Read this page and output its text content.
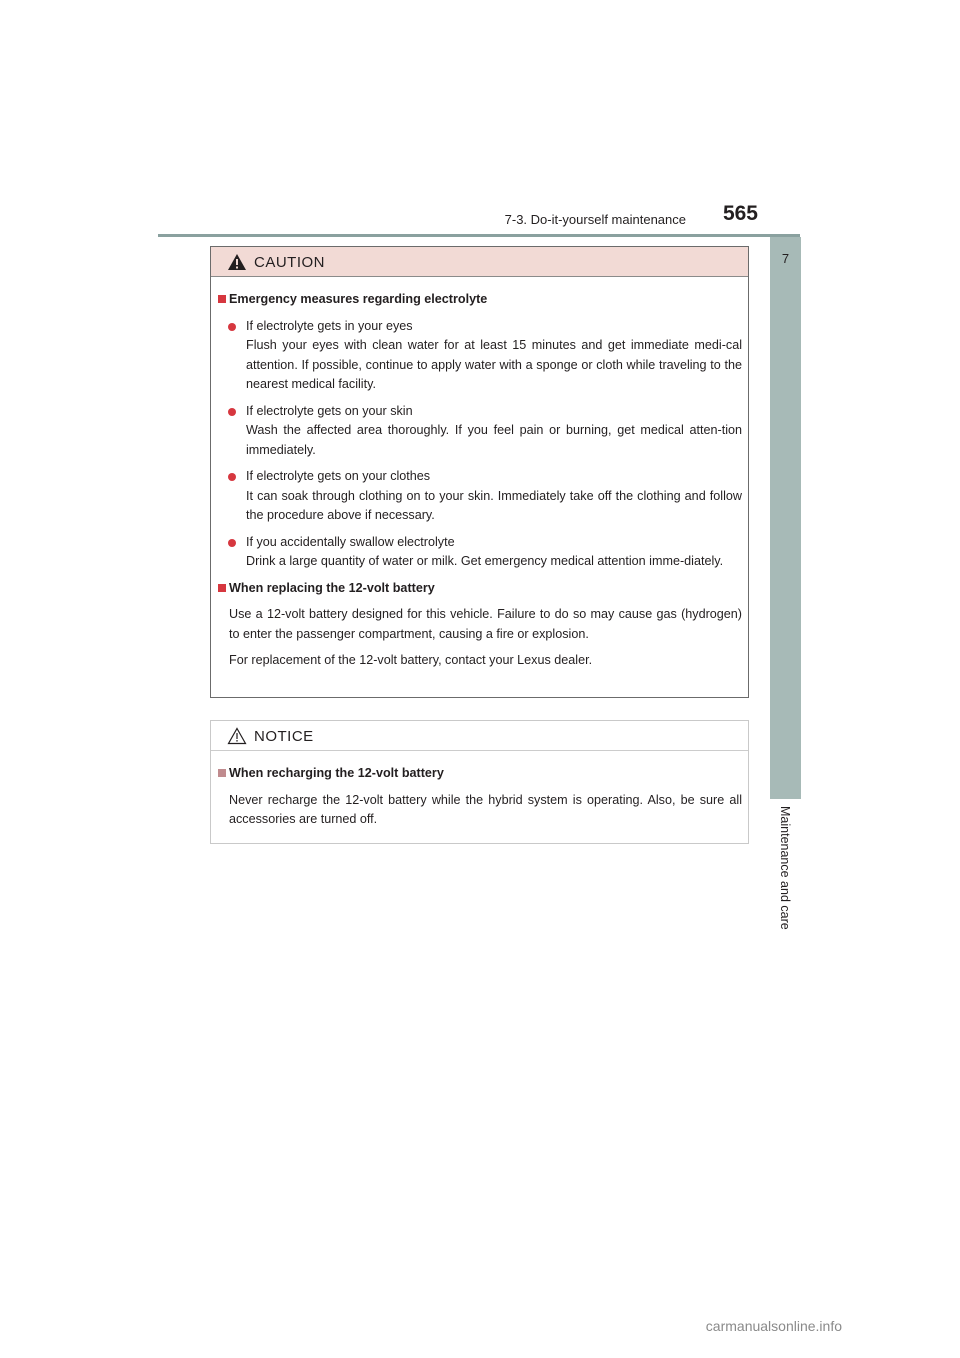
7-3. Do-it-yourself maintenance 565
7
Maintenance and care
CAUTION
Emergency measures regarding electrolyte
If electrolyte gets in your eyes
Flush your eyes with clean water for at least 15 minutes and get immediate medi-cal attention. If possible, continue to apply water with a sponge or cloth while traveling to the nearest medical facility.
If electrolyte gets on your skin
Wash the affected area thoroughly. If you feel pain or burning, get medical atten-tion immediately.
If electrolyte gets on your clothes
It can soak through clothing on to your skin. Immediately take off the clothing and follow the procedure above if necessary.
If you accidentally swallow electrolyte
Drink a large quantity of water or milk. Get emergency medical attention imme-diately.
When replacing the 12-volt battery
Use a 12-volt battery designed for this vehicle. Failure to do so may cause gas (hydrogen) to enter the passenger compartment, causing a fire or explosion.
For replacement of the 12-volt battery, contact your Lexus dealer.
NOTICE
When recharging the 12-volt battery
Never recharge the 12-volt battery while the hybrid system is operating. Also, be sure all accessories are turned off.
carmanualsonline.info
